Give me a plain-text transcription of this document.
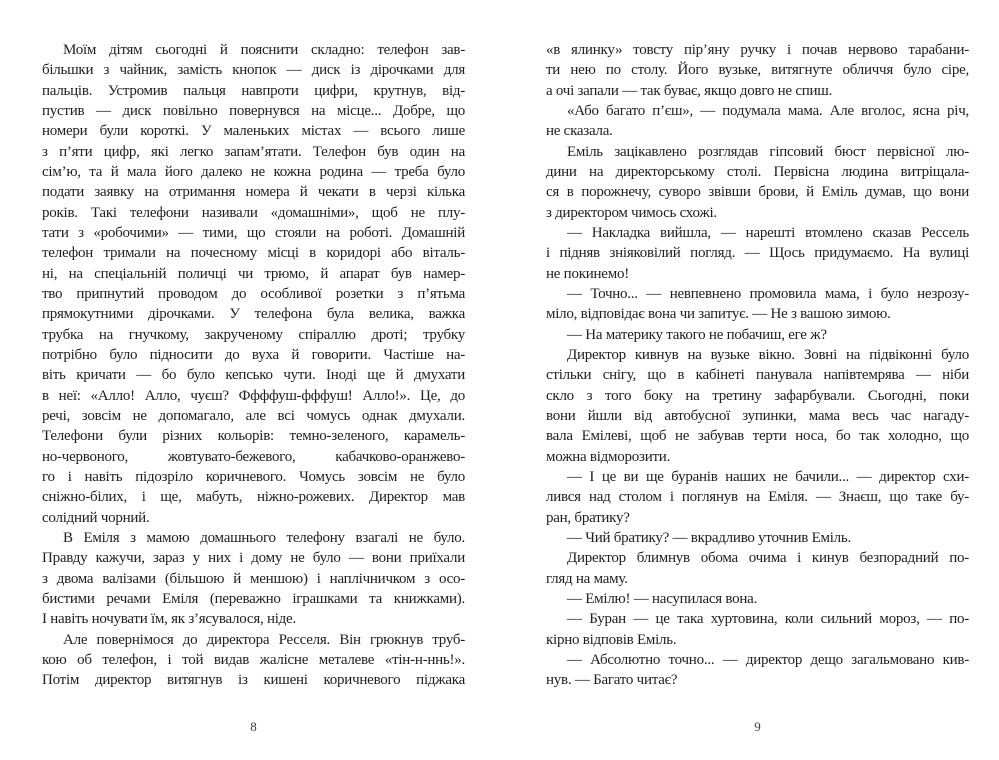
Моїм дітям сьогодні й пояснити складно: телефон зав-
більшки з чайник, замість кнопок — диск із дірочками для
пальців. Устромив пальця навпроти цифри, крутнув, від-
пустив — диск повільно повернувся на місце... Добре, що
номери були короткі. У маленьких містах — всього лише
з п’яти цифр, які легко запам’ятати. Телефон був один на
сім’ю, та й мала його далеко не кожна родина — треба було
подати заявку на отримання номера й чекати в черзі кілька
років. Такі телефони називали «домашніми», щоб не плу-
тати з «робочими» — тими, що стояли на роботі. Домашній
телефон тримали на почесному місці в коридорі або віталь-
ні, на спеціальній поличці чи трюмо, й апарат був намер-
тво припнутий проводом до особливої розетки з п’ятьма
прямокутними дірочками. У телефона була велика, важка
трубка на гнучкому, закрученому спіраллю дроті; трубку
потрібно було підносити до вуха й говорити. Частіше на-
віть кричати — бо було кепсько чути. Іноді ще й дмухати
в неї: «Алло! Алло, чуєш? Ффффуш-фффуш! Алло!». Це, до
речі, зовсім не допомагало, але всі чомусь однак дмухали.
Телефони були різних кольорів: темно-зеленого, карамель-
но-червоного, жовтувато-бежевого, кабачково-оранжево-
го і навіть підозріло коричневого. Чомусь зовсім не було
сніжно-білих, і ще, мабуть, ніжно-рожевих. Директор мав
солідний чорний.
В Еміля з мамою домашнього телефону взагалі не було.
Правду кажучи, зараз у них і дому не було — вони приїхали
з двома валізами (більшою й меншою) і наплічничком з осо-
бистими речами Еміля (переважно іграшками та книжками).
І навіть ночувати їм, як з’ясувалося, ніде.
Але повернімося до директора Ресселя. Він грюкнув труб-
кою об телефон, і той видав жалісне металеве «тін-н-ннь!».
Потім директор витягнув із кишені коричневого піджака
«в ялинку» товсту пір’яну ручку і почав нервово тарабани-
ти нею по столу. Його вузьке, витягнуте обличчя було сіре,
а очі запали — так буває, якщо довго не спиш.
«Або багато п’єш», — подумала мама. Але вголос, ясна річ,
не сказала.
Еміль зацікавлено розглядав гіпсовий бюст первісної лю-
дини на директорському столі. Первісна людина витріщала-
ся в порожнечу, суворо звівши брови, й Еміль думав, що вони
з директором чимось схожі.
— Накладка вийшла, — нарешті втомлено сказав Рессель
і підняв зніяковілий погляд. — Щось придумаємо. На вулиці
не покинемо!
— Точно... — невпевнено промовила мама, і було незрозу-
міло, відповідає вона чи запитує. — Не з вашою зимою.
— На материку такого не побачиш, еге ж?
Директор кивнув на вузьке вікно. Зовні на підвіконні було
стільки снігу, що в кабінеті панувала напівтемрява — ніби
скло з того боку на третину зафарбували. Сьогодні, поки
вони йшли від автобусної зупинки, мама весь час нагаду-
вала Емілеві, щоб не забував терти носа, бо так холодно, що
можна відморозити.
— І це ви ще буранів наших не бачили... — директор схи-
лився над столом і поглянув на Еміля. — Знаєш, що таке бу-
ран, братику?
— Чий братику? — вкрадливо уточнив Еміль.
Директор блимнув обома очима і кинув безпорадний по-
гляд на маму.
— Емілю! — насупилася вона.
— Буран — це така хуртовина, коли сильний мороз, — по-
кірно відповів Еміль.
— Абсолютно точно... — директор дещо загальмовано кив-
нув. — Багато читає?
8	9
